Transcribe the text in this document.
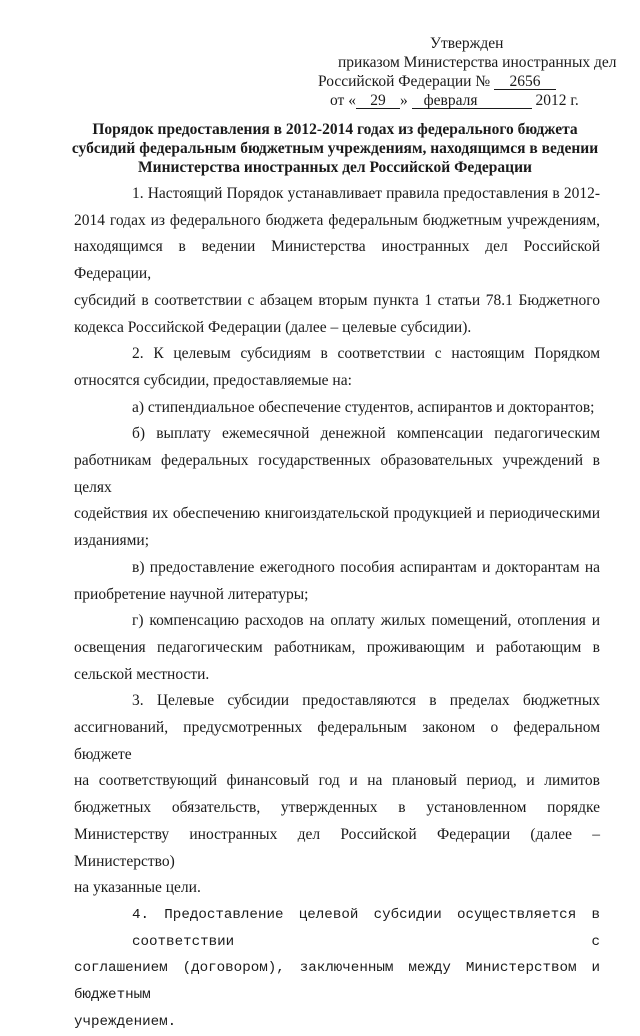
Утвержден
приказом Министерства иностранных дел
Российской Федерации № 2656
от « 29 » февраля	2012 г.
Порядок предоставления в 2012-2014 годах из федерального бюджета
субсидий федеральным бюджетным учреждениям, находящимся в ведении
Министерства иностранных дел Российской Федерации

1. Настоящий Порядок устанавливает правила предоставления в 2012-
2014 годах из федерального бюджета федеральным бюджетным учреждениям,
находящимся в ведении Министерства иностранных дел Российской Федерации,
субсидий в соответствии с абзацем вторым пункта 1 статьи 78.1 Бюджетного
кодекса Российской Федерации (далее – целевые субсидии).

2. К целевым субсидиям в соответствии с настоящим Порядком
относятся субсидии, предоставляемые на:

а) стипендиальное обеспечение студентов, аспирантов и докторантов;

б) выплату ежемесячной денежной компенсации педагогическим
работникам федеральных государственных образовательных учреждений в целях
содействия их обеспечению книгоиздательской продукцией и периодическими
изданиями;

в) предоставление ежегодного пособия аспирантам и докторантам на
приобретение научной литературы;

г) компенсацию расходов на оплату жилых помещений, отопления и
освещения педагогическим работникам, проживающим и работающим в
сельской местности.

3. Целевые субсидии предоставляются в пределах бюджетных
ассигнований, предусмотренных федеральным законом о федеральном бюджете
на соответствующий финансовый год и на плановый период, и лимитов
бюджетных обязательств, утвержденных в установленном порядке
Министерству иностранных дел Российской Федерации (далее – Министерство)
на указанные цели.

4. Предоставление целевой субсидии осуществляется в соответствии с
соглашением (договором), заключенным между Министерством и бюджетным
учреждением.
